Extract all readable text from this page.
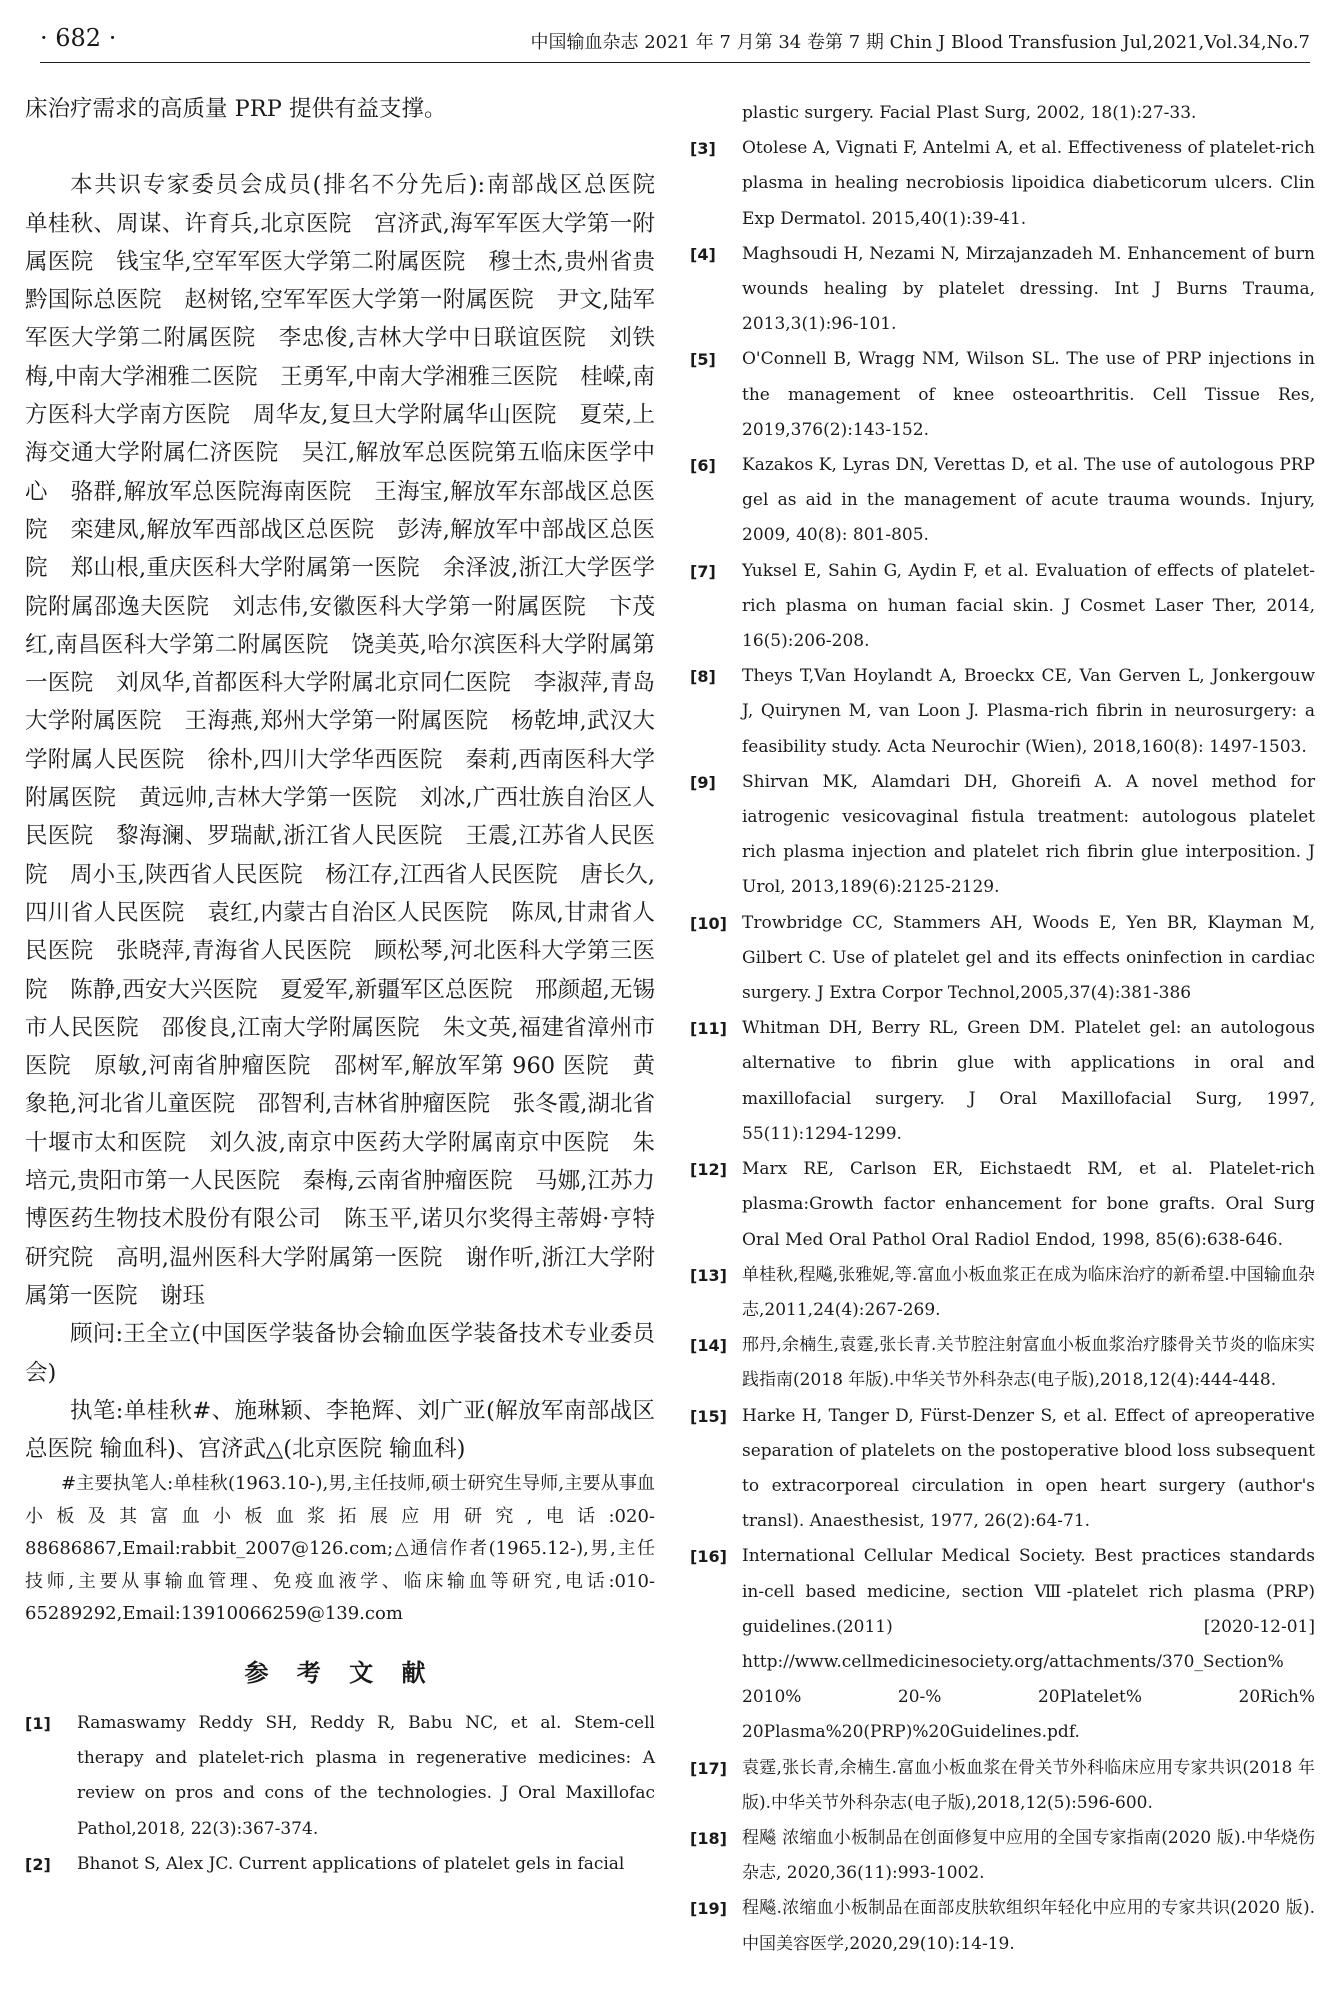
· 682 ·	中国输血杂志 2021 年 7 月第 34 卷第 7 期 Chin J Blood Transfusion Jul,2021,Vol.34,No.7

床治疗需求的高质量 PRP 提供有益支撑。

本共识专家委员会成员(排名不分先后):南部战区总医院　单桂秋、周谋、许育兵,北京医院　宫济武,海军军医大学第一附属医院　钱宝华,空军军医大学第二附属医院　穆士杰,贵州省贵黔国际总医院　赵树铭,空军军医大学第一附属医院　尹文,陆军军医大学第二附属医院　李忠俊,吉林大学中日联谊医院　刘铁梅,中南大学湘雅二医院　王勇军,中南大学湘雅三医院　桂嵘,南方医科大学南方医院　周华友,复旦大学附属华山医院　夏荣,上海交通大学附属仁济医院　吴江,解放军总医院第五临床医学中心　骆群,解放军总医院海南医院　王海宝,解放军东部战区总医院　栾建凤,解放军西部战区总医院　彭涛,解放军中部战区总医院　郑山根,重庆医科大学附属第一医院　余泽波,浙江大学医学院附属邵逸夫医院　刘志伟,安徽医科大学第一附属医院　卞茂红,南昌医科大学第二附属医院　饶美英,哈尔滨医科大学附属第一医院　刘凤华,首都医科大学附属北京同仁医院　李淑萍,青岛大学附属医院　王海燕,郑州大学第一附属医院　杨乾坤,武汉大学附属人民医院　徐朴,四川大学华西医院　秦莉,西南医科大学附属医院　黄远帅,吉林大学第一医院　刘冰,广西壮族自治区人民医院　黎海澜、罗瑞献,浙江省人民医院　王震,江苏省人民医院　周小玉,陕西省人民医院　杨江存,江西省人民医院　唐长久,四川省人民医院　袁红,内蒙古自治区人民医院　陈凤,甘肃省人民医院　张晓萍,青海省人民医院　顾松琴,河北医科大学第三医院　陈静,西安大兴医院　夏爱军,新疆军区总医院　邢颜超,无锡市人民医院　邵俊良,江南大学附属医院　朱文英,福建省漳州市医院　原敏,河南省肿瘤医院　邵树军,解放军第 960 医院　黄象艳,河北省儿童医院　邵智利,吉林省肿瘤医院　张冬霞,湖北省十堰市太和医院　刘久波,南京中医药大学附属南京中医院　朱培元,贵阳市第一人民医院　秦梅,云南省肿瘤医院　马娜,江苏力博医药生物技术股份有限公司　陈玉平,诺贝尔奖得主蒂姆·亨特研究院　高明,温州医科大学附属第一医院　谢作听,浙江大学附属第一医院　谢珏

顾问:王全立(中国医学装备协会输血医学装备技术专业委员会)

执笔:单桂秋#、施琳颖、李艳辉、刘广亚(解放军南部战区总医院 输血科)、宫济武△(北京医院 输血科)

#主要执笔人:单桂秋(1963.10-),男,主任技师,硕士研究生导师,主要从事血小板及其富血小板血浆拓展应用研究,电话:020-88686867,Email:rabbit_2007@126.com;△通信作者(1965.12-),男,主任技师,主要从事输血管理、免疫血液学、临床输血等研究,电话:010-65289292,Email:13910066259@139.com

参 考 文 献

[1] Ramaswamy Reddy SH, Reddy R, Babu NC, et al. Stem-cell therapy and platelet-rich plasma in regenerative medicines: A review on pros and cons of the technologies. J Oral Maxillofac Pathol,2018, 22(3):367-374.

[2] Bhanot S, Alex JC. Current applications of platelet gels in facial

plastic surgery. Facial Plast Surg, 2002, 18(1):27-33.

[3] Otolese A, Vignati F, Antelmi A, et al. Effectiveness of platelet-rich plasma in healing necrobiosis lipoidica diabeticorum ulcers. Clin Exp Dermatol. 2015,40(1):39-41.

[4] Maghsoudi H, Nezami N, Mirzajanzadeh M. Enhancement of burn wounds healing by platelet dressing. Int J Burns Trauma, 2013,3(1):96-101.

[5] O'Connell B, Wragg NM, Wilson SL. The use of PRP injections in the management of knee osteoarthritis. Cell Tissue Res, 2019,376(2):143-152.

[6] Kazakos K, Lyras DN, Verettas D, et al. The use of autologous PRP gel as aid in the management of acute trauma wounds. Injury, 2009, 40(8): 801-805.

[7] Yuksel E, Sahin G, Aydin F, et al. Evaluation of effects of platelet-rich plasma on human facial skin. J Cosmet Laser Ther, 2014, 16(5):206-208.

[8] Theys T,Van Hoylandt A, Broeckx CE, Van Gerven L, Jonkergouw J, Quirynen M, van Loon J. Plasma-rich fibrin in neurosurgery: a feasibility study. Acta Neurochir (Wien), 2018,160(8): 1497-1503.

[9] Shirvan MK, Alamdari DH, Ghoreifi A. A novel method for iatrogenic vesicovaginal fistula treatment: autologous platelet rich plasma injection and platelet rich fibrin glue interposition. J Urol, 2013,189(6):2125-2129.

[10] Trowbridge CC, Stammers AH, Woods E, Yen BR, Klayman M, Gilbert C. Use of platelet gel and its effects oninfection in cardiac surgery. J Extra Corpor Technol,2005,37(4):381-386

[11] Whitman DH, Berry RL, Green DM. Platelet gel: an autologous alternative to fibrin glue with applications in oral and maxillofacial surgery. J Oral Maxillofacial Surg, 1997, 55(11):1294-1299.

[12] Marx RE, Carlson ER, Eichstaedt RM, et al. Platelet-rich plasma:Growth factor enhancement for bone grafts. Oral Surg Oral Med Oral Pathol Oral Radiol Endod, 1998, 85(6):638-646.

[13] 单桂秋,程飚,张雅妮,等.富血小板血浆正在成为临床治疗的新希望.中国输血杂志,2011,24(4):267-269.

[14] 邢丹,余楠生,袁霆,张长青.关节腔注射富血小板血浆治疗膝骨关节炎的临床实践指南(2018 年版).中华关节外科杂志(电子版),2018,12(4):444-448.

[15] Harke H, Tanger D, Fürst-Denzer S, et al. Effect of apreoperative separation of platelets on the postoperative blood loss subsequent to extracorporeal circulation in open heart surgery (author's transl). Anaesthesist, 1977, 26(2):64-71.

[16] International Cellular Medical Society. Best practices standards in-cell based medicine, section Ⅷ-platelet rich plasma (PRP) guidelines.(2011) [2020-12-01] http://www.cellmedicinesociety.org/attachments/370_Section% 2010% 20-% 20Platelet% 20Rich% 20Plasma%20(PRP)%20Guidelines.pdf.

[17] 袁霆,张长青,余楠生.富血小板血浆在骨关节外科临床应用专家共识(2018 年版).中华关节外科杂志(电子版),2018,12(5):596-600.

[18] 程飚 浓缩血小板制品在创面修复中应用的全国专家指南(2020 版).中华烧伤杂志, 2020,36(11):993-1002.

[19] 程飚.浓缩血小板制品在面部皮肤软组织年轻化中应用的专家共识(2020 版).中国美容医学,2020,29(10):14-19.
